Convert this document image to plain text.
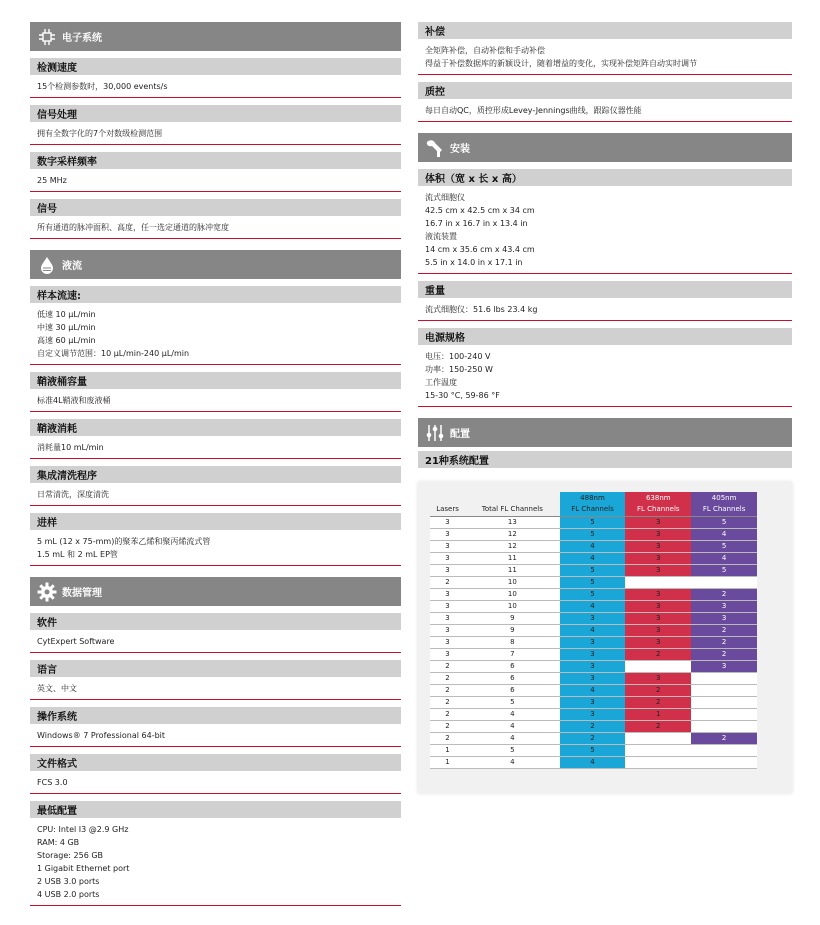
电子系统
检测速度
15个检测参数时，30,000 events/s
信号处理
拥有全数字化的7个对数级检测范围
数字采样频率
25 MHz
信号
所有通道的脉冲面积、高度，任一选定通道的脉冲宽度
液流
样本流速:
低速 10 µL/min
中速 30 µL/min
高速 60 µL/min
自定义调节范围：10 µL/min-240 µL/min
鞘液桶容量
标准4L鞘液和废液桶
鞘液消耗
消耗量10 mL/min
集成清洗程序
日常清洗，深度清洗
进样
5 mL (12 x 75-mm)的聚苯乙烯和聚丙烯流式管
1.5 mL 和 2 mL EP管
数据管理
软件
CytExpert Software
语言
英文、中文
操作系统
Windows® 7 Professional 64-bit
文件格式
FCS 3.0
最低配置
CPU: Intel I3 @2.9 GHz
RAM: 4 GB
Storage: 256 GB
1 Gigabit Ethernet port
2 USB 3.0 ports
4 USB 2.0 ports
补偿
全矩阵补偿，自动补偿和手动补偿
得益于补偿数据库的新颖设计，随着增益的变化，实现补偿矩阵自动实时调节
质控
每日自动QC，质控形成Levey-Jennings曲线，跟踪仪器性能
安装
体积（宽 x 长 x 高）
流式细胞仪
42.5 cm x 42.5 cm x 34 cm
16.7 in x 16.7 in x 13.4 in
液流装置
14 cm x 35.6 cm x 43.4 cm
5.5 in x 14.0 in x 17.1 in
重量
流式细胞仪：51.6 lbs 23.4 kg
电源规格
电压：100-240 V
功率：150-250 W
工作温度
15-30 °C, 59-86 °F
配置
21种系统配置
		488nm	638nm	405nm
Lasers	Total FL Channels	FL Channels	FL Channels	FL Channels
3	13	5	3	5
3	12	5	3	4
3	12	4	3	5
3	11	4	3	4
3	11	5	3	5
2	10	5		
3	10	5	3	2
3	10	4	3	3
3	9	3	3	3
3	9	4	3	2
3	8	3	3	2
3	7	3	2	2
2	6	3		3
2	6	3	3	
2	6	4	2	
2	5	3	2	
2	4	3	1	
2	4	2	2	
2	4	2		2
1	5	5		
1	4	4		
